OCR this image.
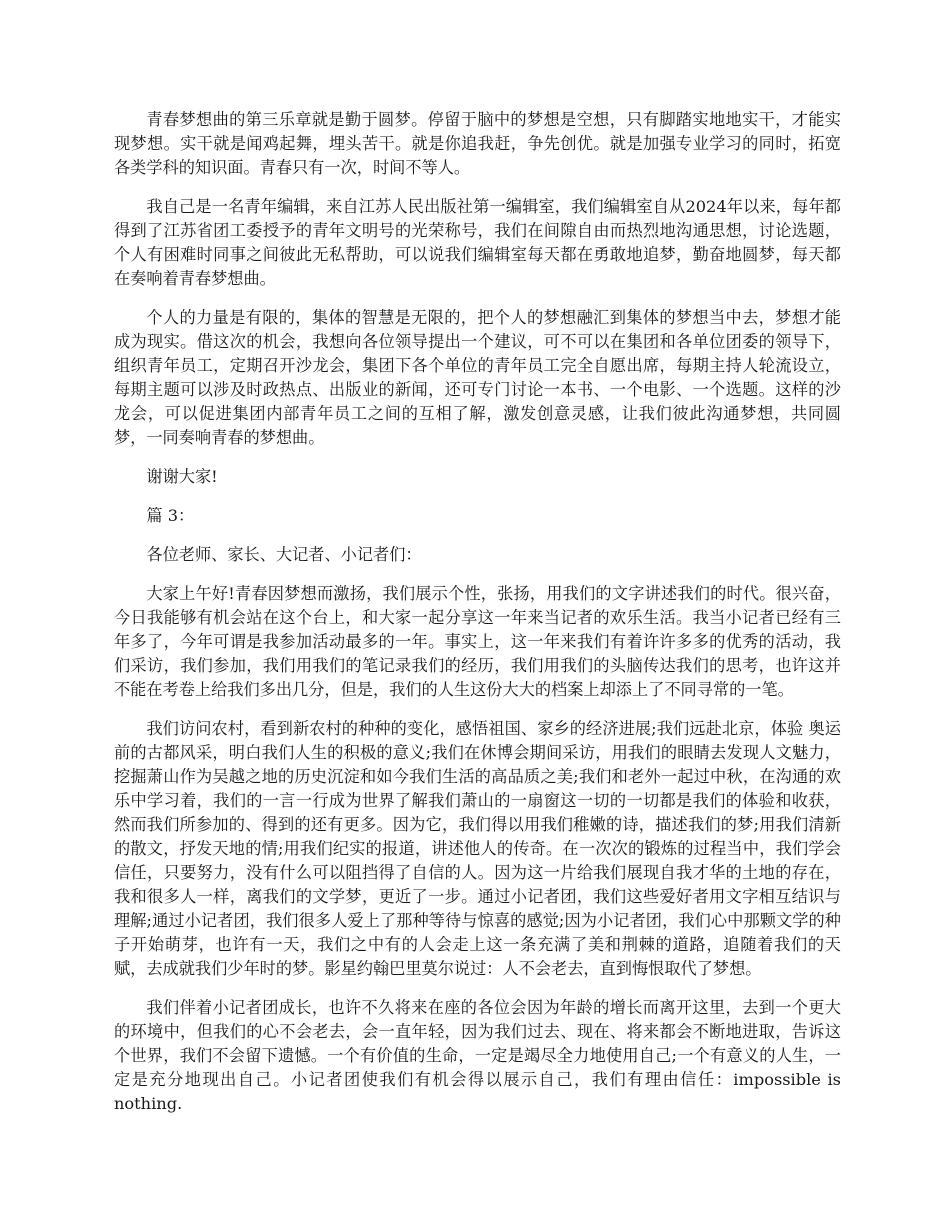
青春梦想曲的第三乐章就是勤于圆梦。停留于脑中的梦想是空想，只有脚踏实地地实干，才能实现梦想。实干就是闻鸡起舞，埋头苦干。就是你追我赶，争先创优。就是加强专业学习的同时，拓宽各类学科的知识面。青春只有一次，时间不等人。

我自己是一名青年编辑，来自江苏人民出版社第一编辑室，我们编辑室自从2024年以来，每年都得到了江苏省团工委授予的青年文明号的光荣称号，我们在间隙自由而热烈地沟通思想，讨论选题，个人有困难时同事之间彼此无私帮助，可以说我们编辑室每天都在勇敢地追梦，勤奋地圆梦，每天都在奏响着青春梦想曲。

个人的力量是有限的，集体的智慧是无限的，把个人的梦想融汇到集体的梦想当中去，梦想才能成为现实。借这次的机会，我想向各位领导提出一个建议，可不可以在集团和各单位团委的领导下，组织青年员工，定期召开沙龙会，集团下各个单位的青年员工完全自愿出席，每期主持人轮流设立，每期主题可以涉及时政热点、出版业的新闻，还可专门讨论一本书、一个电影、一个选题。这样的沙龙会，可以促进集团内部青年员工之间的互相了解，激发创意灵感，让我们彼此沟通梦想，共同圆梦，一同奏响青春的梦想曲。

谢谢大家!

篇 3：

各位老师、家长、大记者、小记者们：

大家上午好!青春因梦想而激扬，我们展示个性，张扬，用我们的文字讲述我们的时代。很兴奋，今日我能够有机会站在这个台上，和大家一起分享这一年来当记者的欢乐生活。我当小记者已经有三年多了，今年可谓是我参加活动最多的一年。事实上，这一年来我们有着许许多多的优秀的活动，我们采访，我们参加，我们用我们的笔记录我们的经历，我们用我们的头脑传达我们的思考，也许这并不能在考卷上给我们多出几分，但是，我们的人生这份大大的档案上却添上了不同寻常的一笔。

我们访问农村，看到新农村的种种的变化，感悟祖国、家乡的经济进展;我们远赴北京，体验 奥运前的古都风采，明白我们人生的积极的意义;我们在休博会期间采访，用我们的眼睛去发现人文魅力，挖掘萧山作为吴越之地的历史沉淀和如今我们生活的高品质之美;我们和老外一起过中秋，在沟通的欢乐中学习着，我们的一言一行成为世界了解我们萧山的一扇窗这一切的一切都是我们的体验和收获，然而我们所参加的、得到的还有更多。因为它，我们得以用我们稚嫩的诗，描述我们的梦;用我们清新的散文，抒发天地的情;用我们纪实的报道，讲述他人的传奇。在一次次的锻炼的过程当中，我们学会信任，只要努力，没有什么可以阻挡得了自信的人。因为这一片给我们展现自我才华的土地的存在，我和很多人一样，离我们的文学梦，更近了一步。通过小记者团，我们这些爱好者用文字相互结识与理解;通过小记者团，我们很多人爱上了那种等待与惊喜的感觉;因为小记者团，我们心中那颗文学的种子开始萌芽，也许有一天，我们之中有的人会走上这一条充满了美和荆棘的道路，追随着我们的天赋，去成就我们少年时的梦。影星约翰巴里莫尔说过：人不会老去，直到悔恨取代了梦想。

我们伴着小记者团成长，也许不久将来在座的各位会因为年龄的增长而离开这里，去到一个更大的环境中，但我们的心不会老去，会一直年轻，因为我们过去、现在、将来都会不断地进取，告诉这个世界，我们不会留下遗憾。一个有价值的生命，一定是竭尽全力地使用自己;一个有意义的人生，一定是充分地现出自己。小记者团使我们有机会得以展示自己，我们有理由信任：impossible is nothing.
